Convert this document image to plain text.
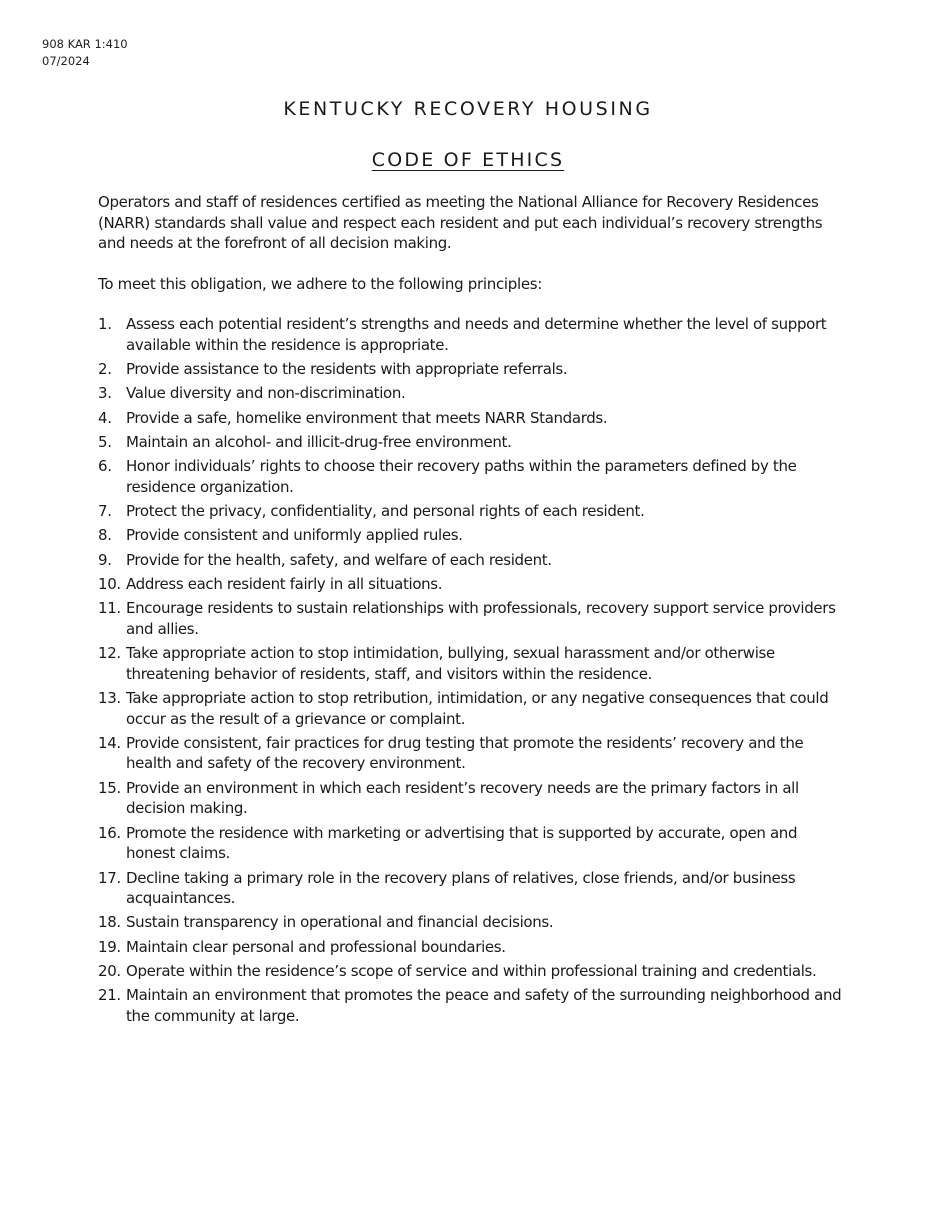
908 KAR 1:410
07/2024
KENTUCKY RECOVERY HOUSING
CODE OF ETHICS

Operators and staff of residences certified as meeting the National Alliance for Recovery Residences (NARR) standards shall value and respect each resident and put each individual’s recovery strengths and needs at the forefront of all decision making.

To meet this obligation, we adhere to the following principles:

1. Assess each potential resident’s strengths and needs and determine whether the level of support available within the residence is appropriate.
2. Provide assistance to the residents with appropriate referrals.
3. Value diversity and non-discrimination.
4. Provide a safe, homelike environment that meets NARR Standards.
5. Maintain an alcohol- and illicit-drug-free environment.
6. Honor individuals’ rights to choose their recovery paths within the parameters defined by the residence organization.
7. Protect the privacy, confidentiality, and personal rights of each resident.
8. Provide consistent and uniformly applied rules.
9. Provide for the health, safety, and welfare of each resident.
10. Address each resident fairly in all situations.
11. Encourage residents to sustain relationships with professionals, recovery support service providers and allies.
12. Take appropriate action to stop intimidation, bullying, sexual harassment and/or otherwise threatening behavior of residents, staff, and visitors within the residence.
13. Take appropriate action to stop retribution, intimidation, or any negative consequences that could occur as the result of a grievance or complaint.
14. Provide consistent, fair practices for drug testing that promote the residents’ recovery and the health and safety of the recovery environment.
15. Provide an environment in which each resident’s recovery needs are the primary factors in all decision making.
16. Promote the residence with marketing or advertising that is supported by accurate, open and honest claims.
17. Decline taking a primary role in the recovery plans of relatives, close friends, and/or business acquaintances.
18. Sustain transparency in operational and financial decisions.
19. Maintain clear personal and professional boundaries.
20. Operate within the residence’s scope of service and within professional training and credentials.
21. Maintain an environment that promotes the peace and safety of the surrounding neighborhood and the community at large.
